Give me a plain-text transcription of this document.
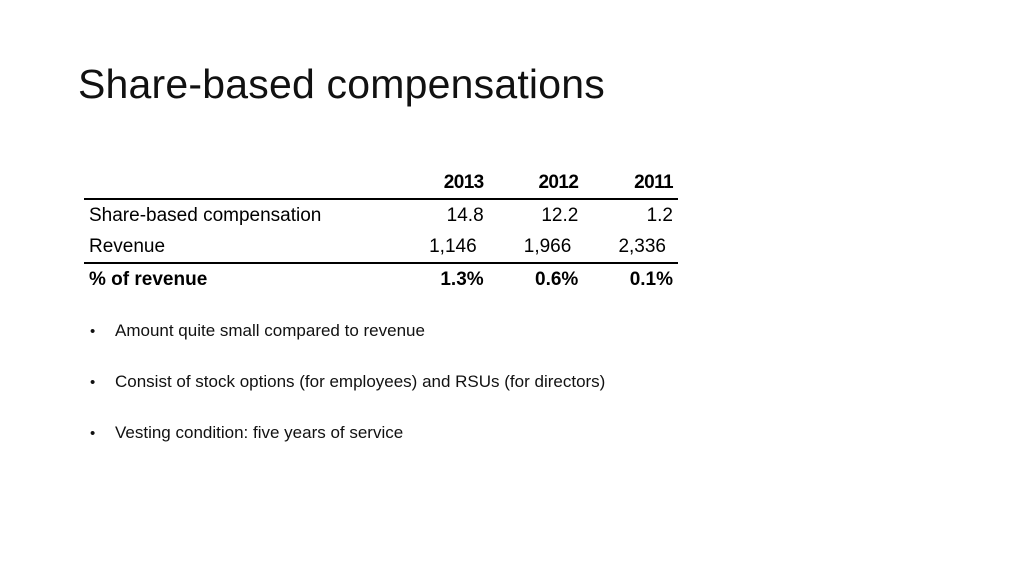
Share-based compensations
	2013	2012	2011
Share-based compensation	14.8	12.2	1.2
Revenue	1,146	1,966	2,336
% of revenue	1.3%	0.6%	0.1%
•	Amount quite small compared to revenue
•	Consist of stock options (for employees) and RSUs (for directors)
•	Vesting condition: five years of service
